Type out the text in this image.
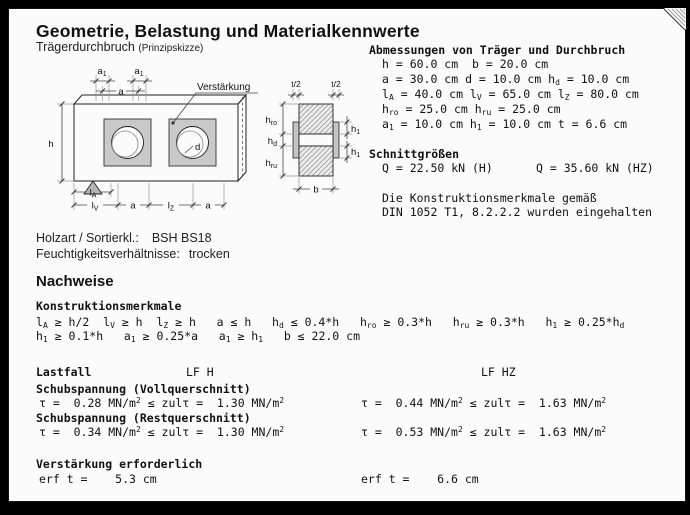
Geometrie, Belastung und Materialkennwerte
Trägerdurchbruch (Prinzipskizze)
d
Verstärkung
$a_1$	$a_1$
a
h
$l_A$
$l_V$	a	$l_Z$	a
t/2	t/2
$h_{ro}$
$h_d$
$h_{ru}$
$h_1$
$h_1$
b
Abmessungen von Träger und Durchbruch
h = 60.0 cm  b = 20.0 cm
a = 30.0 cm d = 10.0 cm $h_d = 10.0$ cm
$l_A = 40.0$ cm $l_V = 65.0$ cm $l_Z = 80.0$ cm
$h_{ro} = 25.0$ cm $h_{ru} = 25.0$ cm
$a_1 = 10.0$ cm $h_1 = 10.0$ cm t = 6.6 cm
Schnittgrößen
Q = 22.50 kN (H)	Q = 35.60 kN (HZ)
Die Konstruktionsmerkmale gemäß
DIN 1052 T1, 8.2.2.2 wurden eingehalten
Holzart / Sortierkl.: BSH BS18
Feuchtigkeitsverhältnisse: trocken
Nachweise
Konstruktionsmerkmale
$l_A \ge h/2$  $l_V \ge h$  $l_Z \ge h$   a ≤ h   $h_d \le 0.4*h$   $h_{ro} \ge 0.3*h$   $h_{ru} \ge 0.3*h$   $h_1 \ge 0.25*h_d$
$h_1 \ge 0.1*h$   $a_1 \ge 0.25*a$   $a_1 \ge h_1$   b ≤ 22.0 cm
Lastfall	LF H	LF HZ
Schubspannung (Vollquerschnitt)
τ =  0.28 $MN/m^2 \le zul\tau = 1.30$ $MN/m^2$	τ =  0.44 $MN/m^2 \le zul\tau = 1.63$ $MN/m^2$
Schubspannung (Restquerschnitt)
τ =  0.34 $MN/m^2 \le zul\tau = 1.30$ $MN/m^2$	τ =  0.53 $MN/m^2 \le zul\tau = 1.63$ $MN/m^2$
Verstärkung erforderlich
erf t =    5.3 cm	erf t =    6.6 cm
